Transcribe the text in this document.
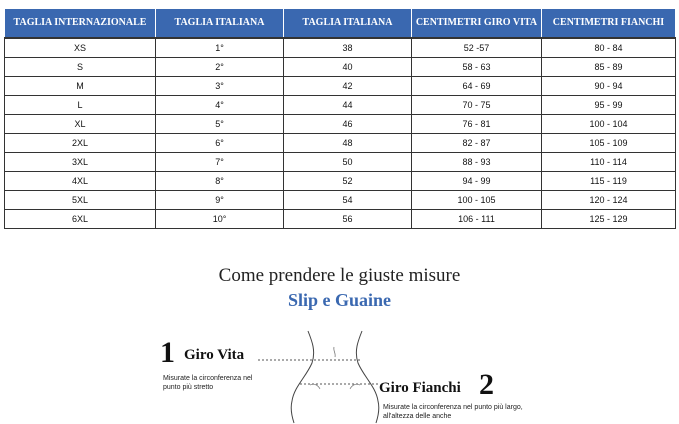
TAGLIA INTERNAZIONALE	TAGLIA ITALIANA	TAGLIA ITALIANA	CENTIMETRI GIRO VITA	CENTIMETRI FIANCHI
XS	1°	38	52 -57	80 - 84
S	2°	40	58 - 63	85 - 89
M	3°	42	64 - 69	90 - 94
L	4°	44	70 - 75	95 - 99
XL	5°	46	76 - 81	100 - 104
2XL	6°	48	82 - 87	105 - 109
3XL	7°	50	88 - 93	110 - 114
4XL	8°	52	94 - 99	115 - 119
5XL	9°	54	100 - 105	120 - 124
6XL	10°	56	106 - 111	125 - 129
Come prendere le giuste misure
Slip e Guaine
1 Giro Vita
Misurate la circonferenza nel
punto più stretto	Giro Fianchi 2
Misurate la circonferenza nel punto più largo,
all'altezza delle anche
